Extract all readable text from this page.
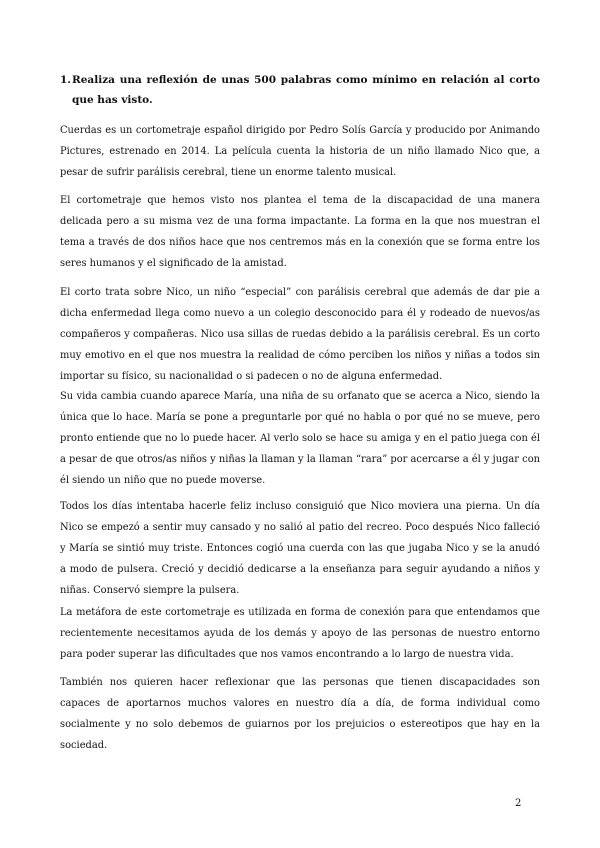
1. Realiza una reflexión de unas 500 palabras como mínimo en relación al corto que has visto.

Cuerdas es un cortometraje español dirigido por Pedro Solís García y producido por Animando Pictures, estrenado en 2014. La película cuenta la historia de un niño llamado Nico que, a pesar de sufrir parálisis cerebral, tiene un enorme talento musical.

El cortometraje que hemos visto nos plantea el tema de la discapacidad de una manera delicada pero a su misma vez de una forma impactante. La forma en la que nos muestran el tema a través de dos niños hace que nos centremos más en la conexión que se forma entre los seres humanos y el significado de la amistad.

El corto trata sobre Nico, un niño “especial” con parálisis cerebral que además de dar pie a dicha enfermedad llega como nuevo a un colegio desconocido para él y rodeado de nuevos/as compañeros y compañeras. Nico usa sillas de ruedas debido a la parálisis cerebral. Es un corto muy emotivo en el que nos muestra la realidad de cómo perciben los niños y niñas a todos sin importar su físico, su nacionalidad o si padecen o no de alguna enfermedad.

Su vida cambia cuando aparece María, una niña de su orfanato que se acerca a Nico, siendo la única que lo hace. María se pone a preguntarle por qué no habla o por qué no se mueve, pero pronto entiende que no lo puede hacer. Al verlo solo se hace su amiga y en el patio juega con él a pesar de que otros/as niños y niñas la llaman y la llaman “rara” por acercarse a él y jugar con él siendo un niño que no puede moverse.

Todos los días intentaba hacerle feliz incluso consiguió que Nico moviera una pierna. Un día Nico se empezó a sentir muy cansado y no salió al patio del recreo. Poco después Nico falleció y María se sintió muy triste. Entonces cogió una cuerda con las que jugaba Nico y se la anudó a modo de pulsera. Creció y decidió dedicarse a la enseñanza para seguir ayudando a niños y niñas. Conservó siempre la pulsera.

La metáfora de este cortometraje es utilizada en forma de conexión para que entendamos que recientemente necesitamos ayuda de los demás y apoyo de las personas de nuestro entorno para poder superar las dificultades que nos vamos encontrando a lo largo de nuestra vida.

También nos quieren hacer reflexionar que las personas que tienen discapacidades son capaces de aportarnos muchos valores en nuestro día a día, de forma individual como socialmente y no solo debemos de guiarnos por los prejuicios o estereotipos que hay en la sociedad.

2
